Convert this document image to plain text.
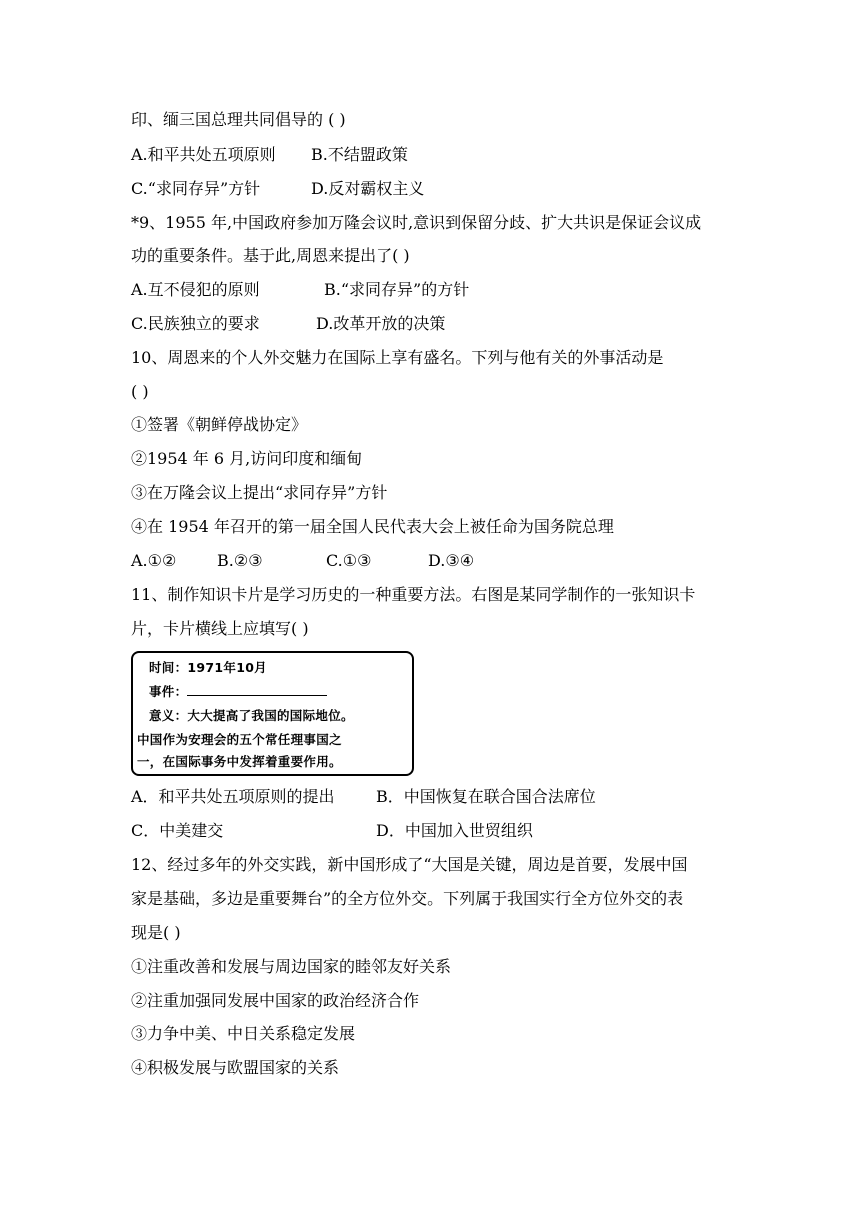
印、缅三国总理共同倡导的 ( )
A.和平共处五项原则	B.不结盟政策
C.“求同存异”方针	D.反对霸权主义
*9、1955 年,中国政府参加万隆会议时,意识到保留分歧、扩大共识是保证会议成
功的重要条件。基于此,周恩来提出了( )
A.互不侵犯的原则	B.“求同存异”的方针
C.民族独立的要求	D.改革开放的决策
10、周恩来的个人外交魅力在国际上享有盛名。下列与他有关的外事活动是
( )
①签署《朝鲜停战协定》
②1954 年 6 月,访问印度和缅甸
③在万隆会议上提出“求同存异”方针
④在 1954 年召开的第一届全国人民代表大会上被任命为国务院总理
A.①②	B.②③	C.①③	D.③④
11、制作知识卡片是学习历史的一种重要方法。右图是某同学制作的一张知识卡
片，卡片横线上应填写( )
时间：1971年10月
事件：
意义：大大提高了我国的国际地位。
中国作为安理会的五个常任理事国之
一，在国际事务中发挥着重要作用。
A．和平共处五项原则的提出	B．中国恢复在联合国合法席位
C．中美建交	D．中国加入世贸组织
12、经过多年的外交实践，新中国形成了“大国是关键，周边是首要，发展中国
家是基础，多边是重要舞台”的全方位外交。下列属于我国实行全方位外交的表
现是( )
①注重改善和发展与周边国家的睦邻友好关系
②注重加强同发展中国家的政治经济合作
③力争中美、中日关系稳定发展
④积极发展与欧盟国家的关系
